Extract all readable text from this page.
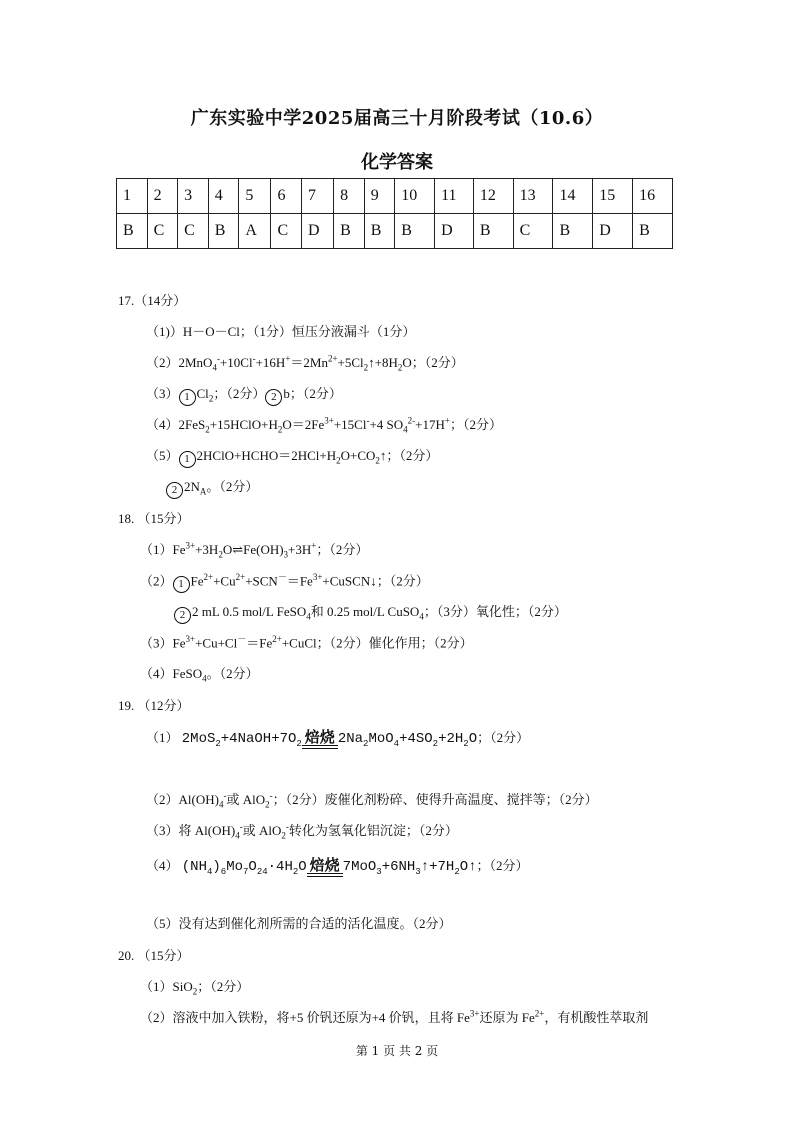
广东实验中学2025届高三十月阶段考试（10.6）
化学答案
1	2	3	4	5	6	7	8	9	10	11	12	13	14	15	16
B	C	C	B	A	C	D	B	B	B	D	B	C	B	D	B
17.（14分）
（1)）H－O－Cl；（1分）恒压分液漏斗（1分）
$(2)2MnO_4^-+10Cl^-+16H^+=2Mn^{2+}+5Cl_2↑+8H_2O$；（2分）
（3） 1 $Cl_2$；（2分） 2 b；（2分）
$(4)2FeS_2+15HClO+H_2O=2Fe^{3+}+15Cl^-+4$ $SO_4^{2-}+17H^+$；（2分）
（5） 1 $2HClO+HCHO=2HCl+H_2O+CO_2↑$；（2分）
2 $2N_A$。（2分）
18. （15分）
$(1)Fe^{3+}+3H_2O\rightleftharpoons Fe(OH)_3+3H^+$；（2分）
（2） 1 $Fe^{2+}+Cu^{2+}+SCN^-=Fe^{3+}+CuSCN↓$；（2分）
2 2 mL 0.5 mol/L FeSO$_4$和 0.25 mol/L CuSO$_4$；（3分）氧化性；（2分）
$(3)Fe^{3+}+Cu+Cl^-=Fe^{2+}+CuCl$；（2分）催化作用；（2分）
（4）FeSO$_4$。（2分）
19. （12分）
（1） $2MoS_2+4NaOH+7O_2$ 焙烧 $2Na_2MoO_4+4SO_2+2H_2O$；（2分）
$(2)Al(OH)_4^-$或 AlO$_2$-；（2分）废催化剂粉碎、使得升高温度、搅拌等；（2分）
（3）将 $Al(OH)_4^-$或 AlO$_2$-转化为氢氧化铝沉淀；（2分）
（4） $(NH_4)_6Mo_7O_{24}\cdot 4H_2O$ 焙烧 $7MoO_3+6NH_3↑+7H_2O↑$；（2分）
（5）没有达到催化剂所需的合适的活化温度。（2分）
20. （15分）
（1）SiO$_2$；（2分）
（2）溶液中加入铁粉，将+5 价钒还原为+4 价钒，且将 $Fe^{3+}$还原为 $Fe^{2+}$，有机酸性萃取剂
第 1 页 共 2 页
